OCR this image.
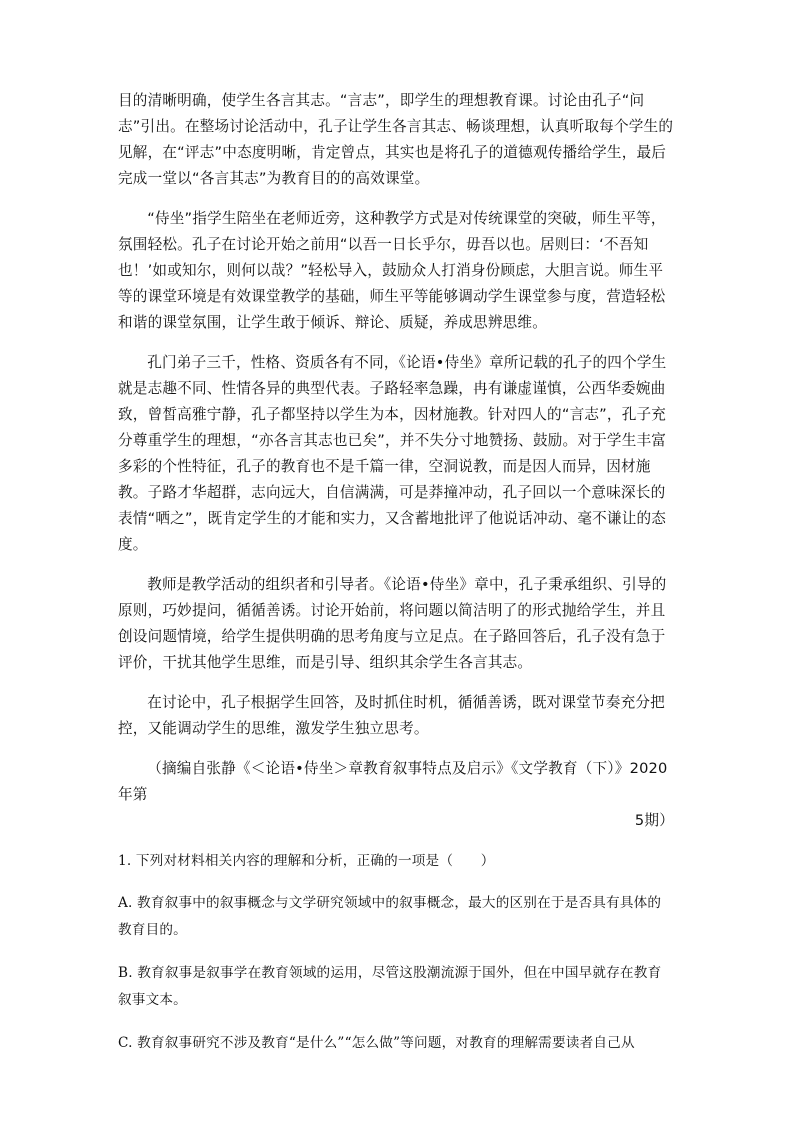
目的清晰明确，使学生各言其志。“言志”，即学生的理想教育课。讨论由孔子“问志”引出。在整场讨论活动中，孔子让学生各言其志、畅谈理想，认真听取每个学生的见解，在“评志”中态度明晰，肯定曾点，其实也是将孔子的道德观传播给学生，最后完成一堂以“各言其志”为教育目的的高效课堂。

“侍坐”指学生陪坐在老师近旁，这种教学方式是对传统课堂的突破，师生平等，氛围轻松。孔子在讨论开始之前用“以吾一日长乎尔，毋吾以也。居则曰：‘不吾知也！’如或知尔，则何以哉？”轻松导入，鼓励众人打消身份顾虑，大胆言说。师生平等的课堂环境是有效课堂教学的基础，师生平等能够调动学生课堂参与度，营造轻松和谐的课堂氛围，让学生敢于倾诉、辩论、质疑，养成思辨思维。

孔门弟子三千，性格、资质各有不同，《论语•侍坐》章所记载的孔子的四个学生就是志趣不同、性情各异的典型代表。子路轻率急躁，冉有谦虚谨慎，公西华委婉曲致，曾皙高雅宁静，孔子都坚持以学生为本，因材施教。针对四人的“言志”，孔子充分尊重学生的理想，“亦各言其志也已矣”，并不失分寸地赞扬、鼓励。对于学生丰富多彩的个性特征，孔子的教育也不是千篇一律，空洞说教，而是因人而异，因材施教。子路才华超群，志向远大，自信满满，可是莽撞冲动，孔子回以一个意味深长的表情“哂之”，既肯定学生的才能和实力，又含蓄地批评了他说话冲动、毫不谦让的态度。

教师是教学活动的组织者和引导者。《论语•侍坐》章中，孔子秉承组织、引导的原则，巧妙提问，循循善诱。讨论开始前，将问题以简洁明了的形式抛给学生，并且创设问题情境，给学生提供明确的思考角度与立足点。在子路回答后，孔子没有急于评价，干扰其他学生思维，而是引导、组织其余学生各言其志。

在讨论中，孔子根据学生回答，及时抓住时机，循循善诱，既对课堂节奏充分把控，又能调动学生的思维，激发学生独立思考。

（摘编自张静《＜论语•侍坐＞章教育叙事特点及启示》《文学教育（下）》2020年第
5期）

1. 下列对材料相关内容的理解和分析，正确的一项是（　　）

A. 教育叙事中的叙事概念与文学研究领域中的叙事概念，最大的区别在于是否具有具体的教育目的。

B. 教育叙事是叙事学在教育领域的运用，尽管这股潮流源于国外，但在中国早就存在教育叙事文本。

C. 教育叙事研究不涉及教育“是什么”“怎么做”等问题，对教育的理解需要读者自己从
